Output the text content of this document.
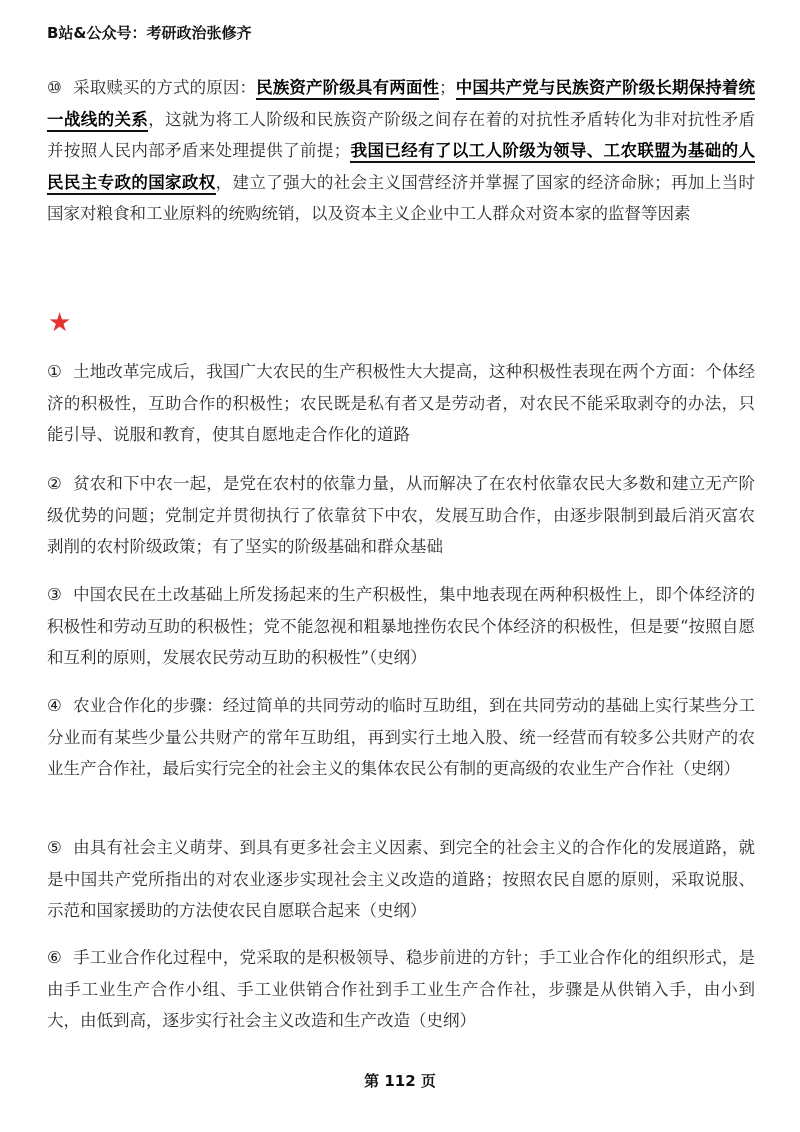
B站&公众号：考研政治张修齐
⑩ 采取赎买的方式的原因：民族资产阶级具有两面性；中国共产党与民族资产阶级长期保持着统一战线的关系，这就为将工人阶级和民族资产阶级之间存在着的对抗性矛盾转化为非对抗性矛盾并按照人民内部矛盾来处理提供了前提；我国已经有了以工人阶级为领导、工农联盟为基础的人民民主专政的国家政权，建立了强大的社会主义国营经济并掌握了国家的经济命脉；再加上当时国家对粮食和工业原料的统购统销，以及资本主义企业中工人群众对资本家的监督等因素
★
① 土地改革完成后，我国广大农民的生产积极性大大提高，这种积极性表现在两个方面：个体经济的积极性，互助合作的积极性；农民既是私有者又是劳动者，对农民不能采取剥夺的办法，只能引导、说服和教育，使其自愿地走合作化的道路
② 贫农和下中农一起，是党在农村的依靠力量，从而解决了在农村依靠农民大多数和建立无产阶级优势的问题；党制定并贯彻执行了依靠贫下中农，发展互助合作，由逐步限制到最后消灭富农剥削的农村阶级政策；有了坚实的阶级基础和群众基础
③ 中国农民在土改基础上所发扬起来的生产积极性，集中地表现在两种积极性上，即个体经济的积极性和劳动互助的积极性；党不能忽视和粗暴地挫伤农民个体经济的积极性，但是要“按照自愿和互利的原则，发展农民劳动互助的积极性”（史纲）
④ 农业合作化的步骤：经过简单的共同劳动的临时互助组，到在共同劳动的基础上实行某些分工分业而有某些少量公共财产的常年互助组，再到实行土地入股、统一经营而有较多公共财产的农业生产合作社，最后实行完全的社会主义的集体农民公有制的更高级的农业生产合作社（史纲）
⑤ 由具有社会主义萌芽、到具有更多社会主义因素、到完全的社会主义的合作化的发展道路，就是中国共产党所指出的对农业逐步实现社会主义改造的道路；按照农民自愿的原则，采取说服、示范和国家援助的方法使农民自愿联合起来（史纲）
⑥ 手工业合作化过程中，党采取的是积极领导、稳步前进的方针；手工业合作化的组织形式，是由手工业生产合作小组、手工业供销合作社到手工业生产合作社，步骤是从供销入手，由小到大，由低到高，逐步实行社会主义改造和生产改造（史纲）
第 112 页
